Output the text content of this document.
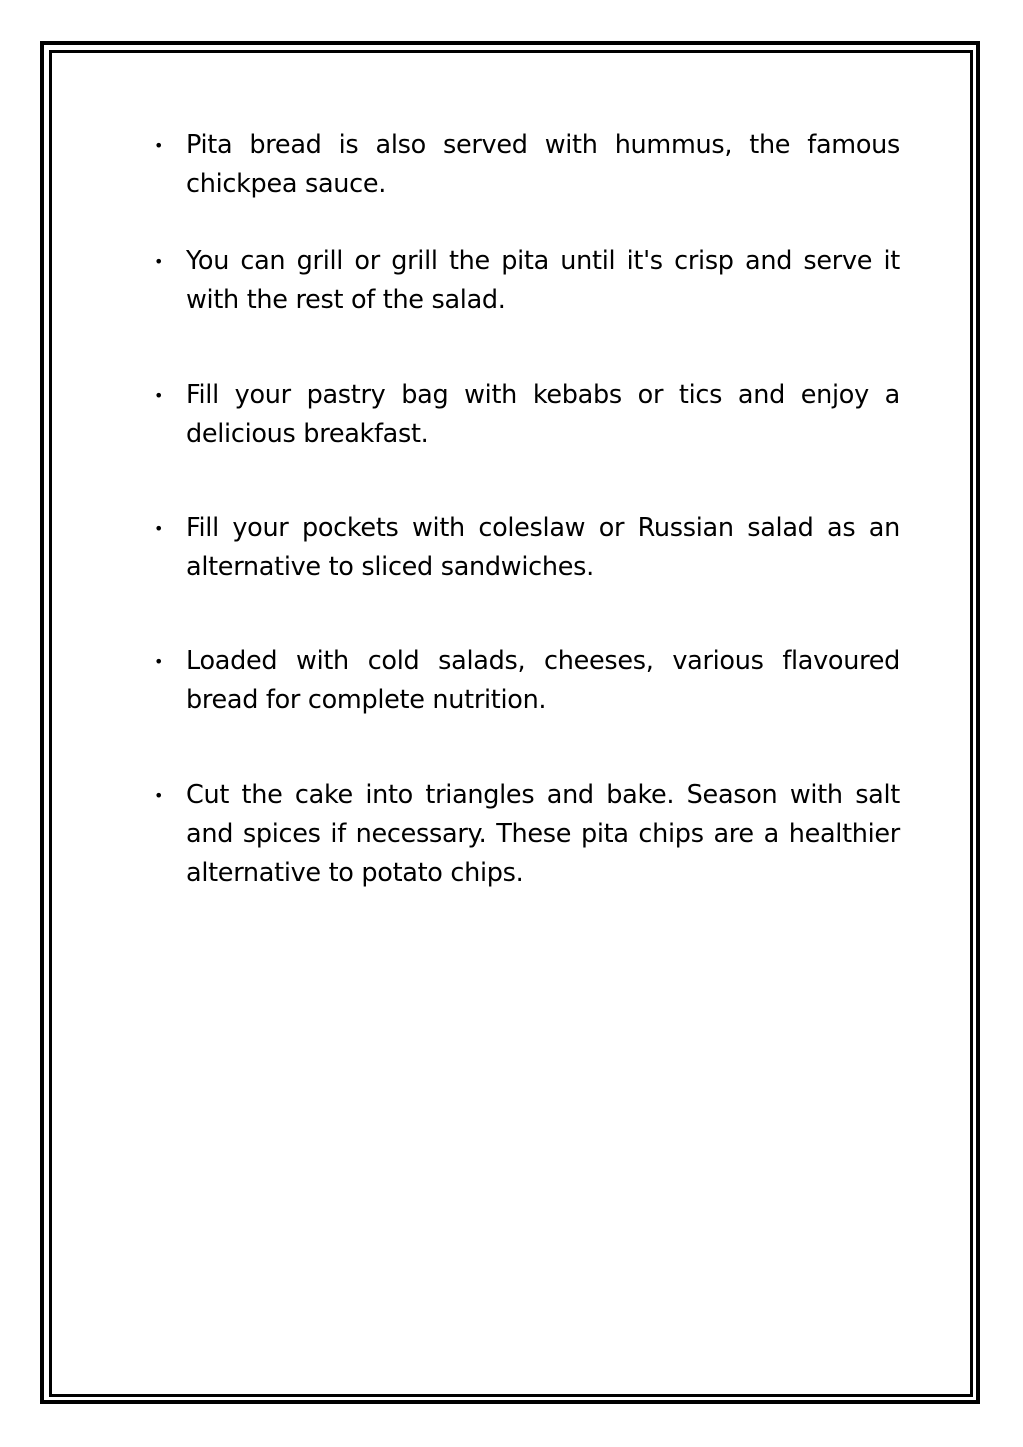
• Pita bread is also served with hummus, the famous chickpea sauce.
• You can grill or grill the pita until it's crisp and serve it with the rest of the salad.
• Fill your pastry bag with kebabs or tics and enjoy a delicious breakfast.
• Fill your pockets with coleslaw or Russian salad as an alternative to sliced sandwiches.
• Loaded with cold salads, cheeses, various flavoured bread for complete nutrition.
• Cut the cake into triangles and bake. Season with salt and spices if necessary. These pita chips are a healthier alternative to potato chips.
